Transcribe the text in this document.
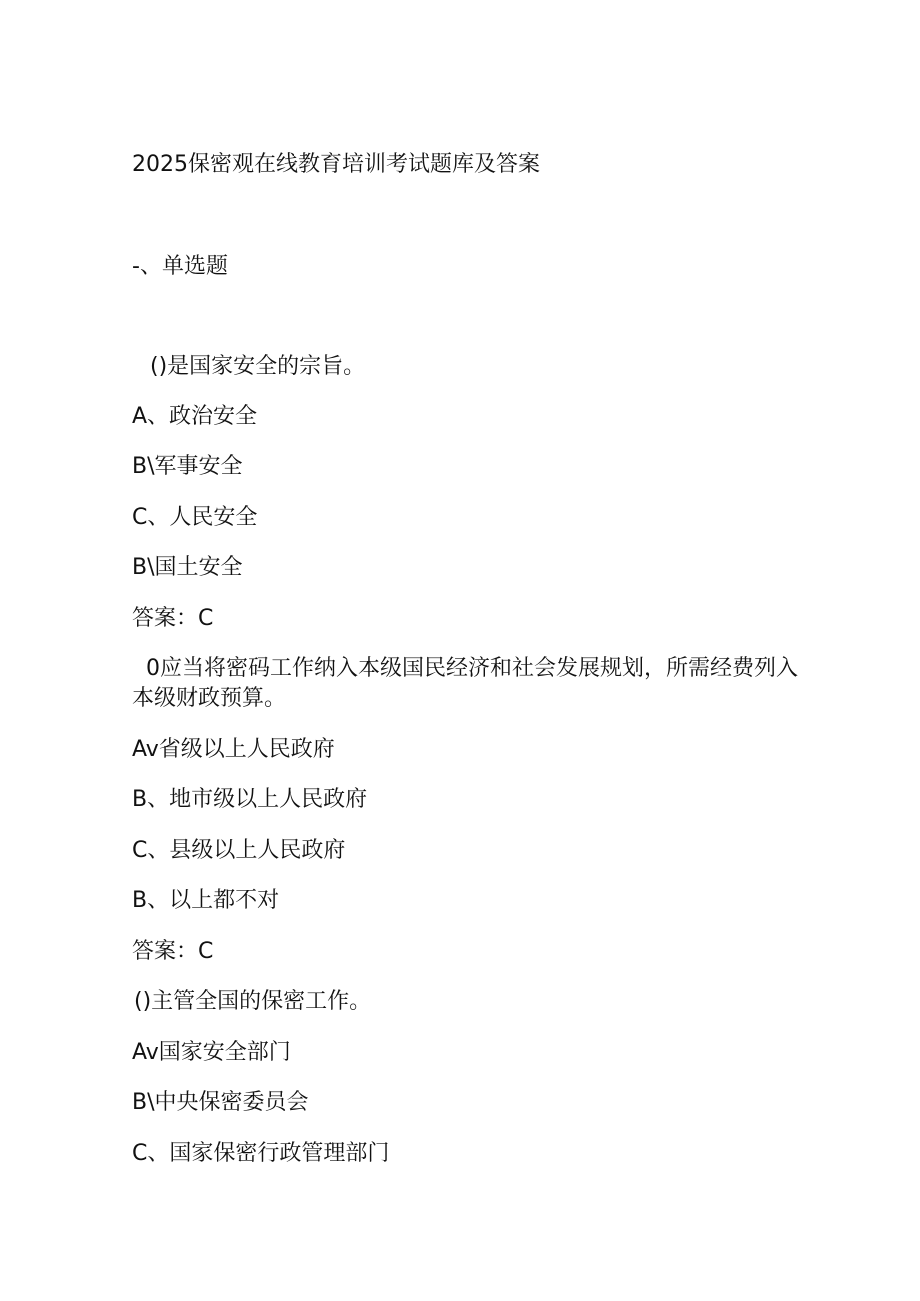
2025保密观在线教育培训考试题库及答案
-、单选题
()是国家安全的宗旨。
A、政治安全
B\军事安全
C、人民安全
B\国土安全
答案：C
0应当将密码工作纳入本级国民经济和社会发展规划，所需经费列入
本级财政预算。
Av省级以上人民政府
B、地市级以上人民政府
C、县级以上人民政府
B、以上都不对
答案：C
()主管全国的保密工作。
Av国家安全部门
B\中央保密委员会
C、国家保密行政管理部门
